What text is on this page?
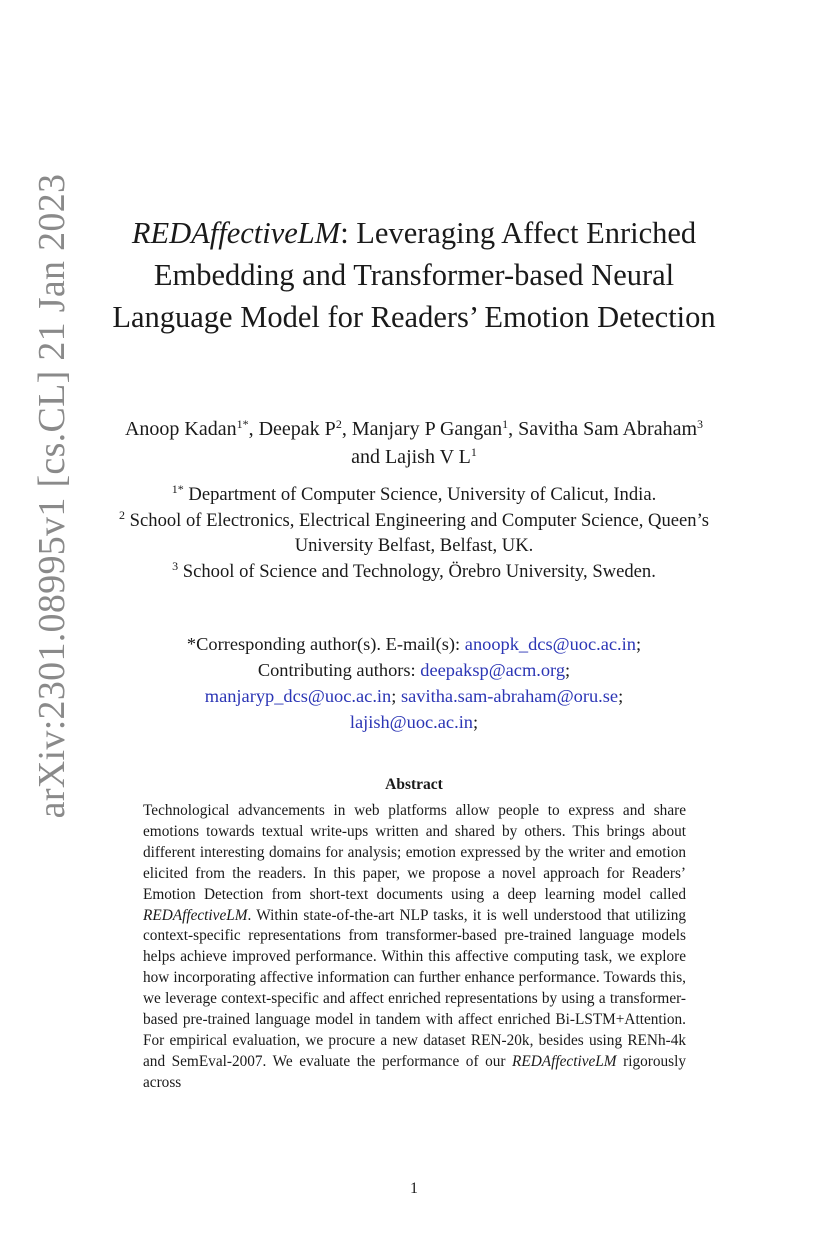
arXiv:2301.08995v1 [cs.CL] 21 Jan 2023	REDAffectiveLM: Leveraging Affect Enriched Embedding and Transformer-based Neural Language Model for Readers’ Emotion Detection
Anoop Kadan$^{1*}$, Deepak $P^2$, Manjary P Gangan$^1$, Savitha Sam Abraham$^3$ and Lajish V $L^1$
$^{1*}$ Department of Computer Science, University of Calicut, India.
$^2$ School of Electronics, Electrical Engineering and Computer Science, Queen’s University Belfast, Belfast, UK.
$^3$ School of Science and Technology, Örebro University, Sweden.
*Corresponding author(s). E-mail(s): anoopk_dcs@uoc.ac.in;
Contributing authors: deepaksp@acm.org;
manjaryp_dcs@uoc.ac.in; savitha.sam-abraham@oru.se;
lajish@uoc.ac.in;
Abstract
Technological advancements in web platforms allow people to express and share emotions towards textual write-ups written and shared by others. This brings about different interesting domains for analysis; emotion expressed by the writer and emotion elicited from the readers. In this paper, we propose a novel approach for Readers’ Emotion Detection from short-text documents using a deep learning model called REDAffectiveLM. Within state-of-the-art NLP tasks, it is well understood that utilizing context-specific representations from transformer-based pre-trained language models helps achieve improved performance. Within this affective computing task, we explore how incorporating affective information can further enhance performance. Towards this, we leverage context-specific and affect enriched representations by using a transformer-based pre-trained language model in tandem with affect enriched Bi-LSTM+Attention. For empirical evaluation, we procure a new dataset REN-20k, besides using RENh-4k and SemEval-2007. We evaluate the performance of our REDAffectiveLM rigorously across
1
